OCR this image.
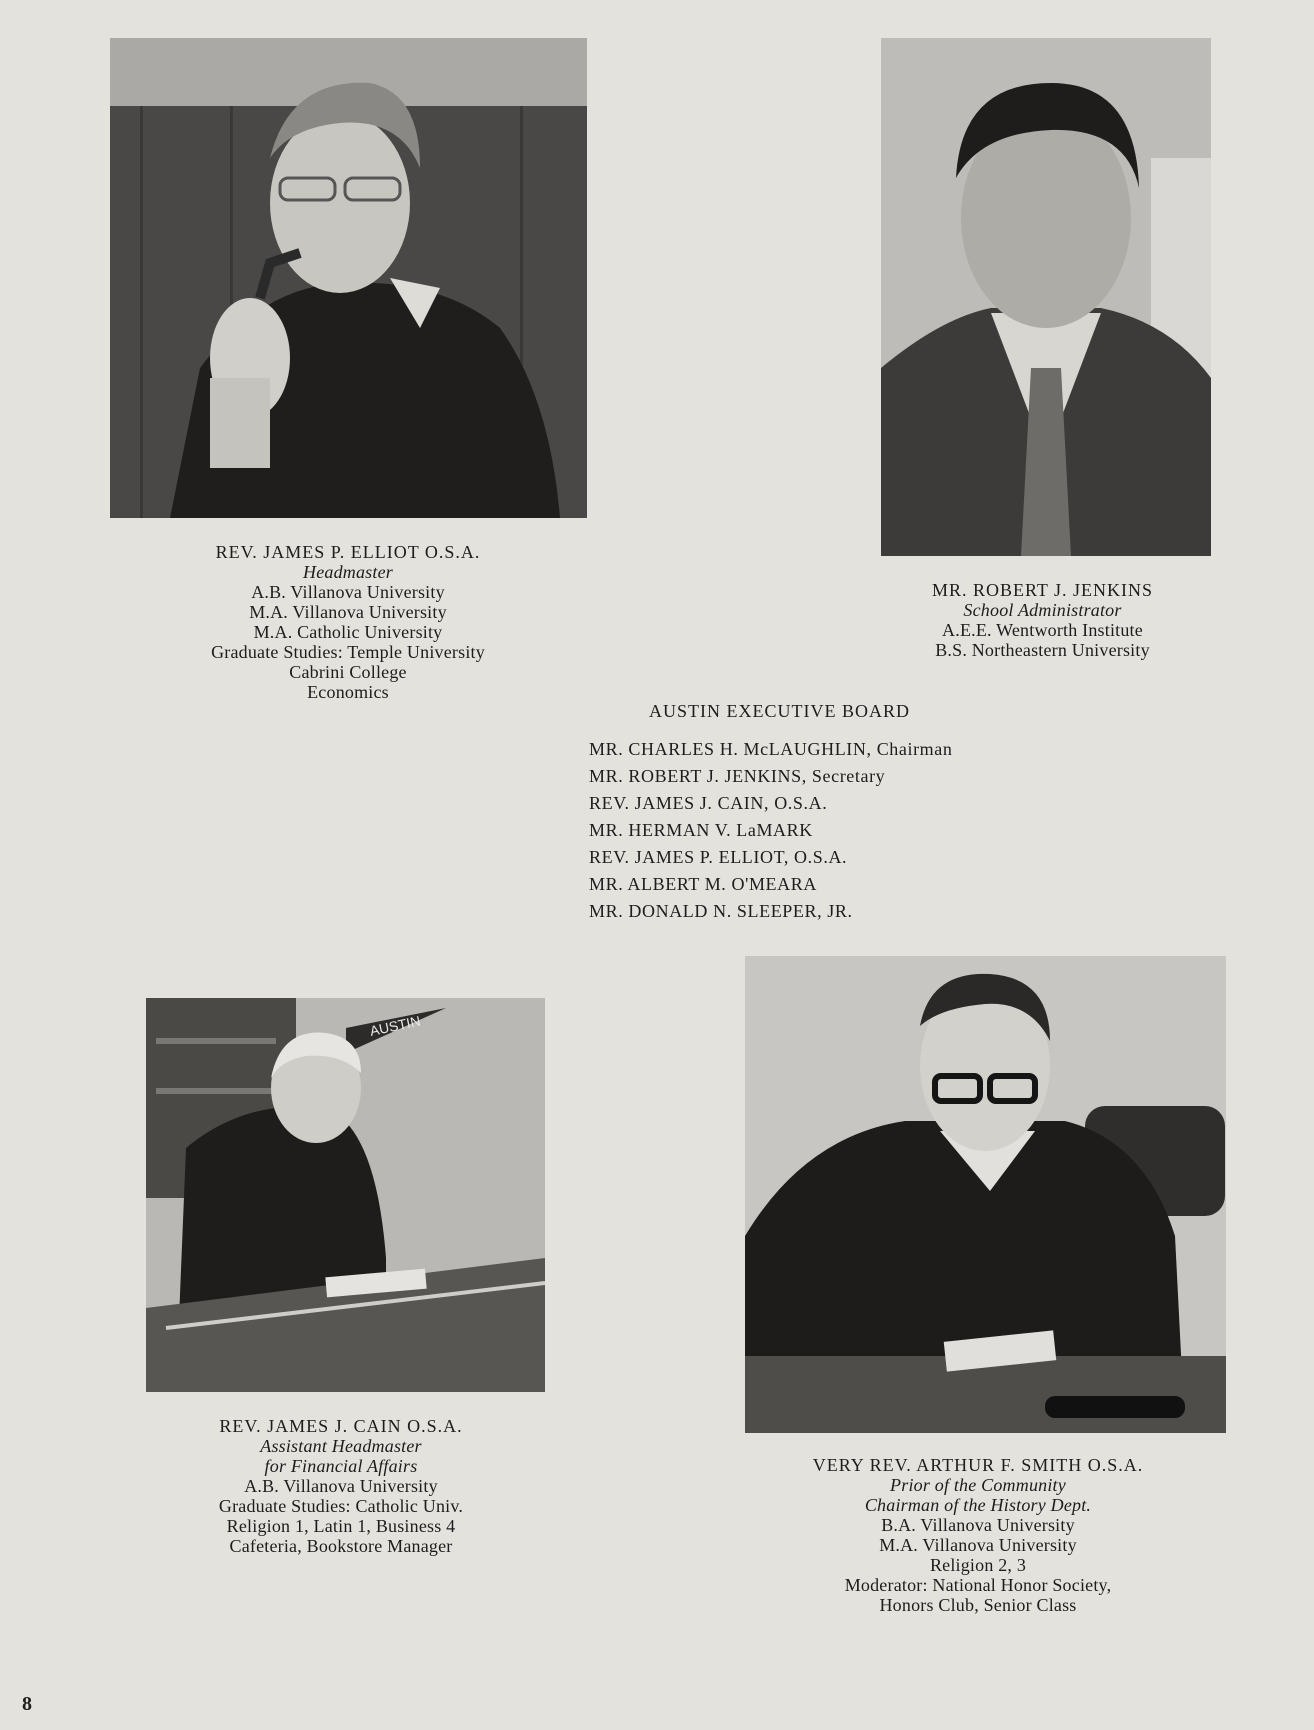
AUSTIN
REV. JAMES P. ELLIOT O.S.A.
Headmaster
A.B. Villanova University
M.A. Villanova University
M.A. Catholic University
Graduate Studies: Temple University
Cabrini College
Economics
MR. ROBERT J. JENKINS
School Administrator
A.E.E. Wentworth Institute
B.S. Northeastern University
AUSTIN EXECUTIVE BOARD
MR. CHARLES H. McLAUGHLIN, Chairman
MR. ROBERT J. JENKINS, Secretary
REV. JAMES J. CAIN, O.S.A.
MR. HERMAN V. LaMARK
REV. JAMES P. ELLIOT, O.S.A.
MR. ALBERT M. O'MEARA
MR. DONALD N. SLEEPER, JR.
REV. JAMES J. CAIN O.S.A.
Assistant Headmaster
for Financial Affairs
A.B. Villanova University
Graduate Studies: Catholic Univ.
Religion 1, Latin 1, Business 4
Cafeteria, Bookstore Manager
VERY REV. ARTHUR F. SMITH O.S.A.
Prior of the Community
Chairman of the History Dept.
B.A. Villanova University
M.A. Villanova University
Religion 2, 3
Moderator: National Honor Society,
Honors Club, Senior Class
8
